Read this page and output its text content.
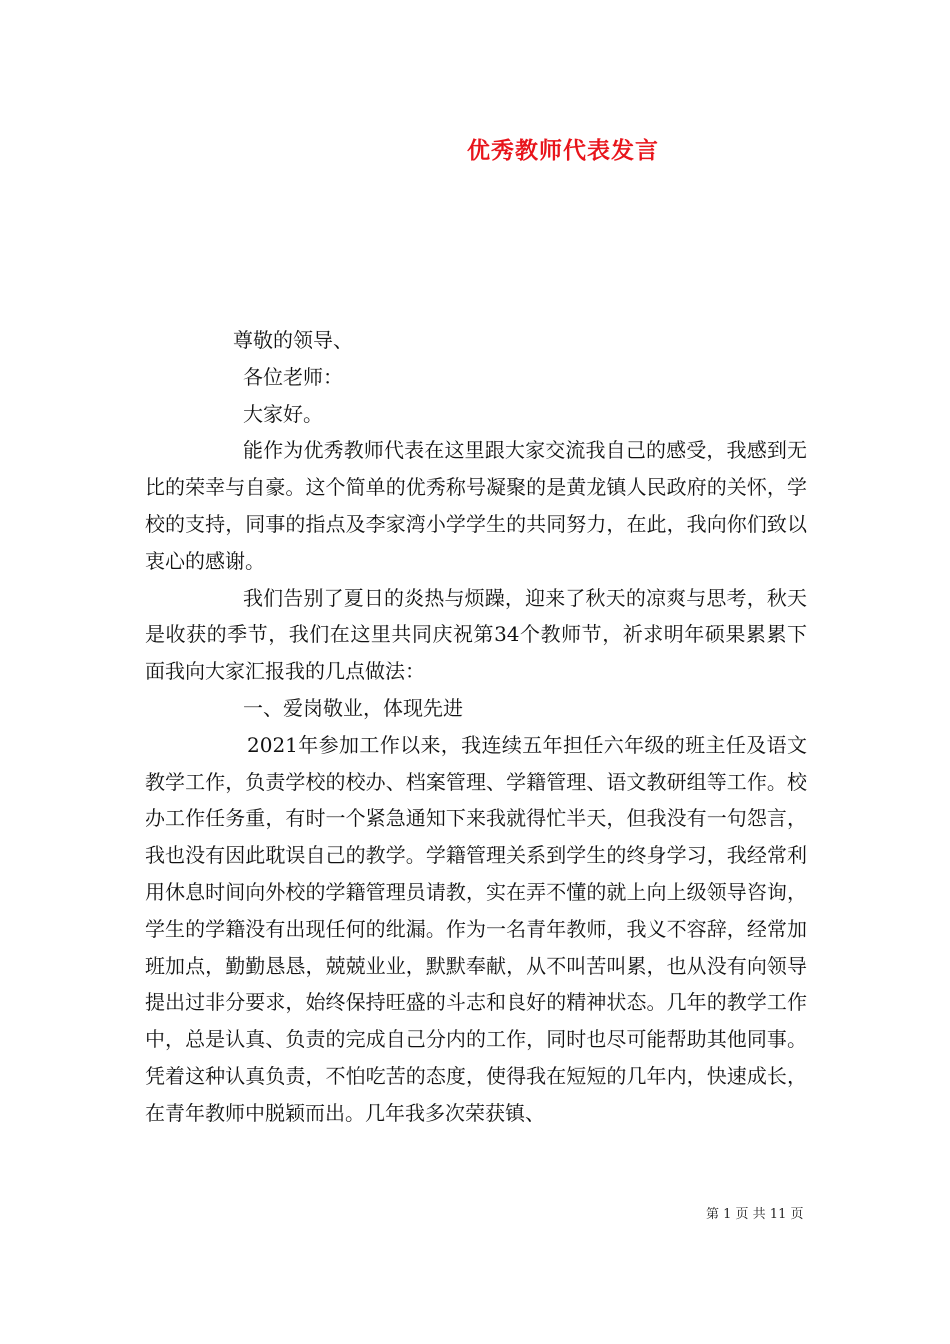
优秀教师代表发言
尊敬的领导、
各位老师：
大家好。

能作为优秀教师代表在这里跟大家交流我自己的感受，我感到无比的荣幸与自豪。这个简单的优秀称号凝聚的是黄龙镇人民政府的关怀，学校的支持，同事的指点及李家湾小学学生的共同努力，在此，我向你们致以衷心的感谢。

我们告别了夏日的炎热与烦躁，迎来了秋天的凉爽与思考，秋天是收获的季节，我们在这里共同庆祝第34个教师节，祈求明年硕果累累下面我向大家汇报我的几点做法：

一、爱岗敬业，体现先进

2021年参加工作以来，我连续五年担任六年级的班主任及语文教学工作，负责学校的校办、档案管理、学籍管理、语文教研组等工作。校办工作任务重，有时一个紧急通知下来我就得忙半天，但我没有一句怨言，我也没有因此耽误自己的教学。学籍管理关系到学生的终身学习，我经常利用休息时间向外校的学籍管理员请教，实在弄不懂的就上向上级领导咨询，学生的学籍没有出现任何的纰漏。作为一名青年教师，我义不容辞，经常加班加点，勤勤恳恳，兢兢业业，默默奉献，从不叫苦叫累，也从没有向领导提出过非分要求，始终保持旺盛的斗志和良好的精神状态。几年的教学工作中，总是认真、负责的完成自己分内的工作，同时也尽可能帮助其他同事。凭着这种认真负责，不怕吃苦的态度，使得我在短短的几年内，快速成长，在青年教师中脱颖而出。几年我多次荣获镇、

第 1 页 共 11 页
